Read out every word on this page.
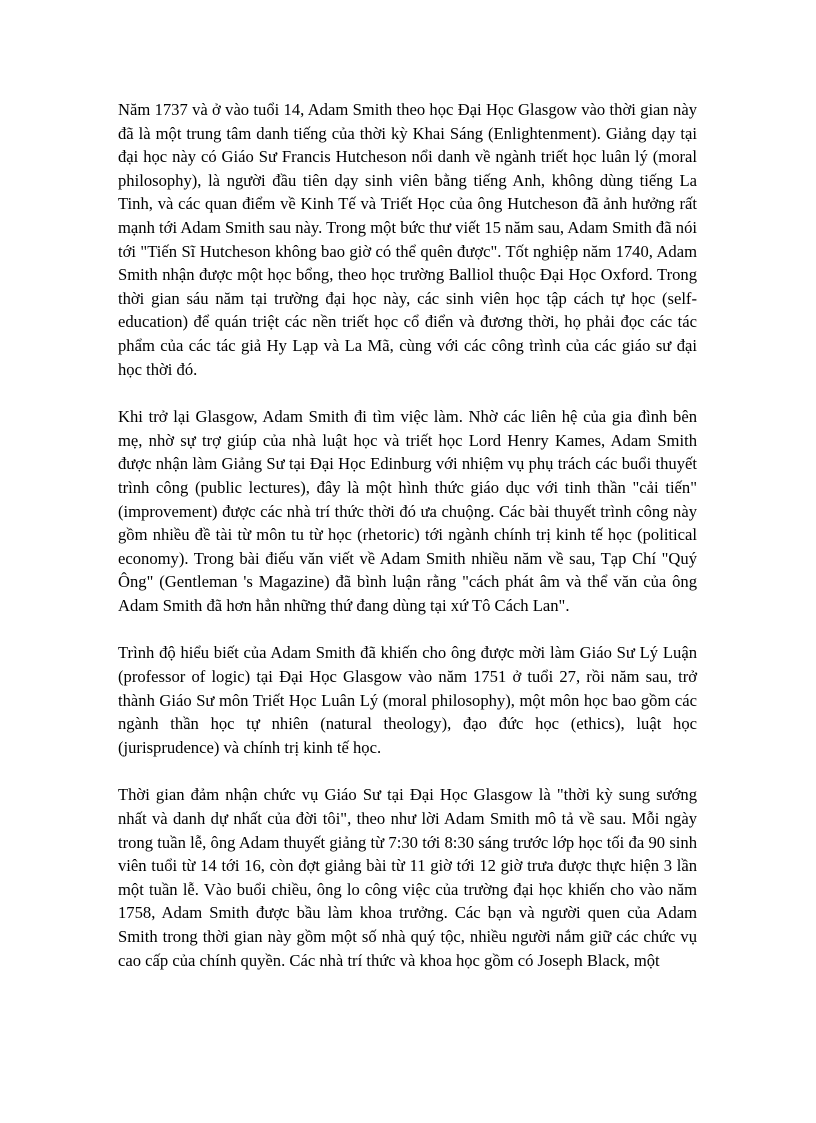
Năm 1737 và ở vào tuổi 14, Adam Smith theo học Đại Học Glasgow vào thời gian này đã là một trung tâm danh tiếng của thời kỳ Khai Sáng (Enlightenment). Giảng dạy tại đại học này có Giáo Sư Francis Hutcheson nổi danh về ngành triết học luân lý (moral philosophy), là người đầu tiên dạy sinh viên bằng tiếng Anh, không dùng tiếng La Tinh, và các quan điểm về Kinh Tế và Triết Học của ông Hutcheson đã ảnh hưởng rất mạnh tới Adam Smith sau này. Trong một bức thư viết 15 năm sau, Adam Smith đã nói tới "Tiến Sĩ Hutcheson không bao giờ có thể quên được". Tốt nghiệp năm 1740, Adam Smith nhận được một học bổng, theo học trường Balliol thuộc Đại Học Oxford. Trong thời gian sáu năm tại trường đại học này, các sinh viên học tập cách tự học (self-education) để quán triệt các nền triết học cổ điển và đương thời, họ phải đọc các tác phẩm của các tác giả Hy Lạp và La Mã, cùng với các công trình của các giáo sư đại học thời đó.

Khi trở lại Glasgow, Adam Smith đi tìm việc làm. Nhờ các liên hệ của gia đình bên mẹ, nhờ sự trợ giúp của nhà luật học và triết học Lord Henry Kames, Adam Smith được nhận làm Giảng Sư tại Đại Học Edinburg với nhiệm vụ phụ trách các buổi thuyết trình công (public lectures), đây là một hình thức giáo dục với tinh thần "cải tiến" (improvement) được các nhà trí thức thời đó ưa chuộng. Các bài thuyết trình công này gồm nhiều đề tài từ môn tu từ học (rhetoric) tới ngành chính trị kinh tế học (political economy). Trong bài điếu văn viết về Adam Smith nhiều năm về sau, Tạp Chí "Quý Ông" (Gentleman 's Magazine) đã bình luận rằng "cách phát âm và thể văn của ông Adam Smith đã hơn hẳn những thứ đang dùng tại xứ Tô Cách Lan".

Trình độ hiểu biết của Adam Smith đã khiến cho ông được mời làm Giáo Sư Lý Luận (professor of logic) tại Đại Học Glasgow vào năm 1751 ở tuổi 27, rồi năm sau, trở thành Giáo Sư môn Triết Học Luân Lý (moral philosophy), một môn học bao gồm các ngành thần học tự nhiên (natural theology), đạo đức học (ethics), luật học (jurisprudence) và chính trị kinh tế học.

Thời gian đảm nhận chức vụ Giáo Sư tại Đại Học Glasgow là "thời kỳ sung sướng nhất và danh dự nhất của đời tôi", theo như lời Adam Smith mô tả về sau. Mỗi ngày trong tuần lễ, ông Adam thuyết giảng từ 7:30 tới 8:30 sáng trước lớp học tối đa 90 sinh viên tuổi từ 14 tới 16, còn đợt giảng bài từ 11 giờ tới 12 giờ trưa được thực hiện 3 lần một tuần lễ. Vào buổi chiều, ông lo công việc của trường đại học khiến cho vào năm 1758, Adam Smith được bầu làm khoa trưởng. Các bạn và người quen của Adam Smith trong thời gian này gồm một số nhà quý tộc, nhiều người nắm giữ các chức vụ cao cấp của chính quyền. Các nhà trí thức và khoa học gồm có Joseph Black, một
